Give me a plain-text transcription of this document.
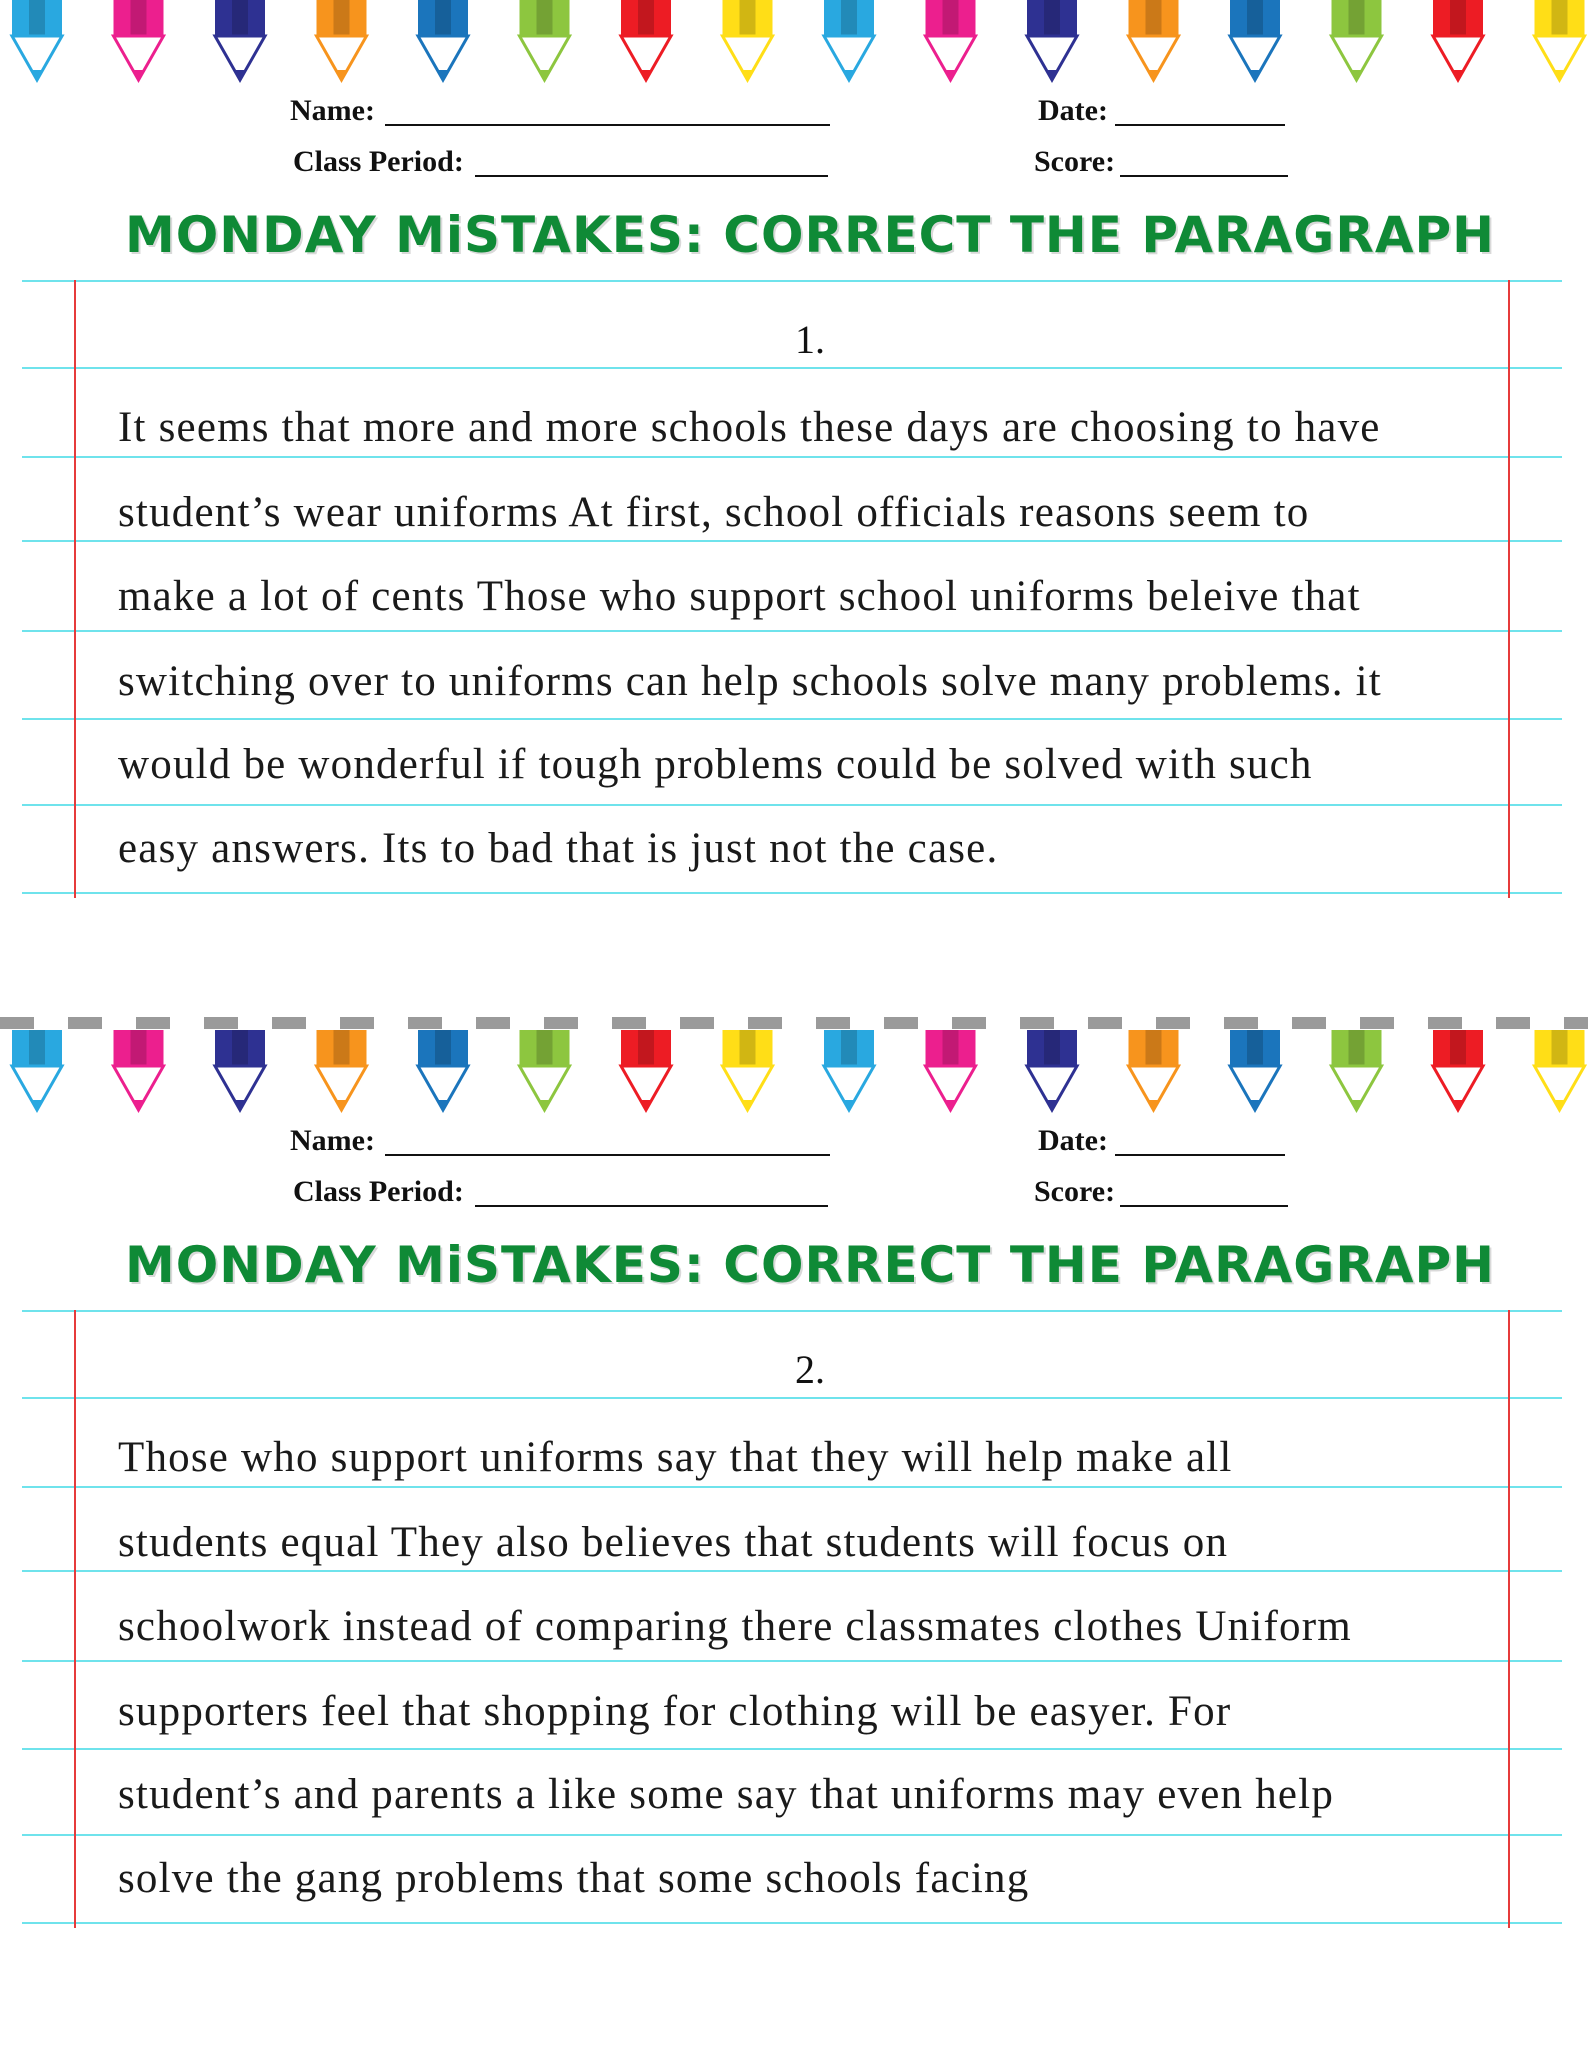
Name:	Date:
Class Period:	Score:
MONDAY MiSTAKES: CORRECT THE PARAGRAPH
1.
It seems that more and more schools these days are choosing to have
student’s wear uniforms At first, school officials reasons seem to
make a lot of cents Those who support school uniforms beleive that
switching over to uniforms can help schools solve many problems. it
would be wonderful if tough problems could be solved with such
easy answers. Its to bad that is just not the case.
Name:	Date:
Class Period:	Score:
MONDAY MiSTAKES: CORRECT THE PARAGRAPH
2.
Those who support uniforms say that they will help make all
students equal They also believes that students will focus on
schoolwork instead of comparing there classmates clothes Uniform
supporters feel that shopping for clothing will be easyer. For
student’s and parents a like some say that uniforms may even help
solve the gang problems that some schools facing
